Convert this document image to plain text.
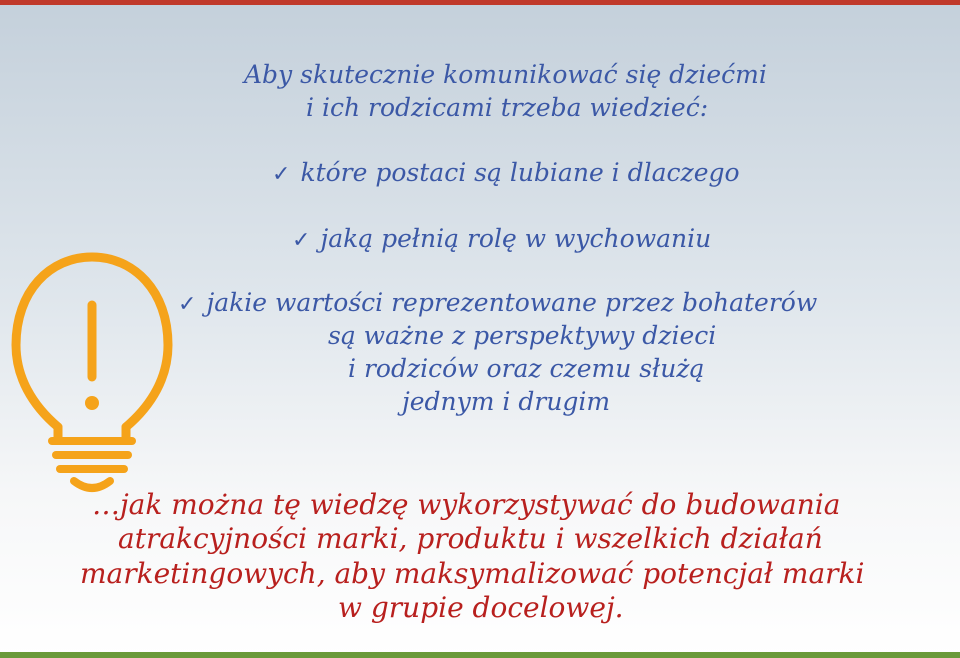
Aby skutecznie komunikować się dziećmi
i ich rodzicami trzeba wiedzieć:
✓ które postaci są lubiane i dlaczego
✓ jaką pełnią rolę w wychowaniu
✓ jakie wartości reprezentowane przez bohaterów
są ważne z perspektywy dzieci
i rodziców oraz czemu służą
jednym i drugim
…jak można tę wiedzę wykorzystywać do budowania
atrakcyjności marki, produktu i wszelkich działań
marketingowych, aby maksymalizować potencjał marki
w grupie docelowej.
